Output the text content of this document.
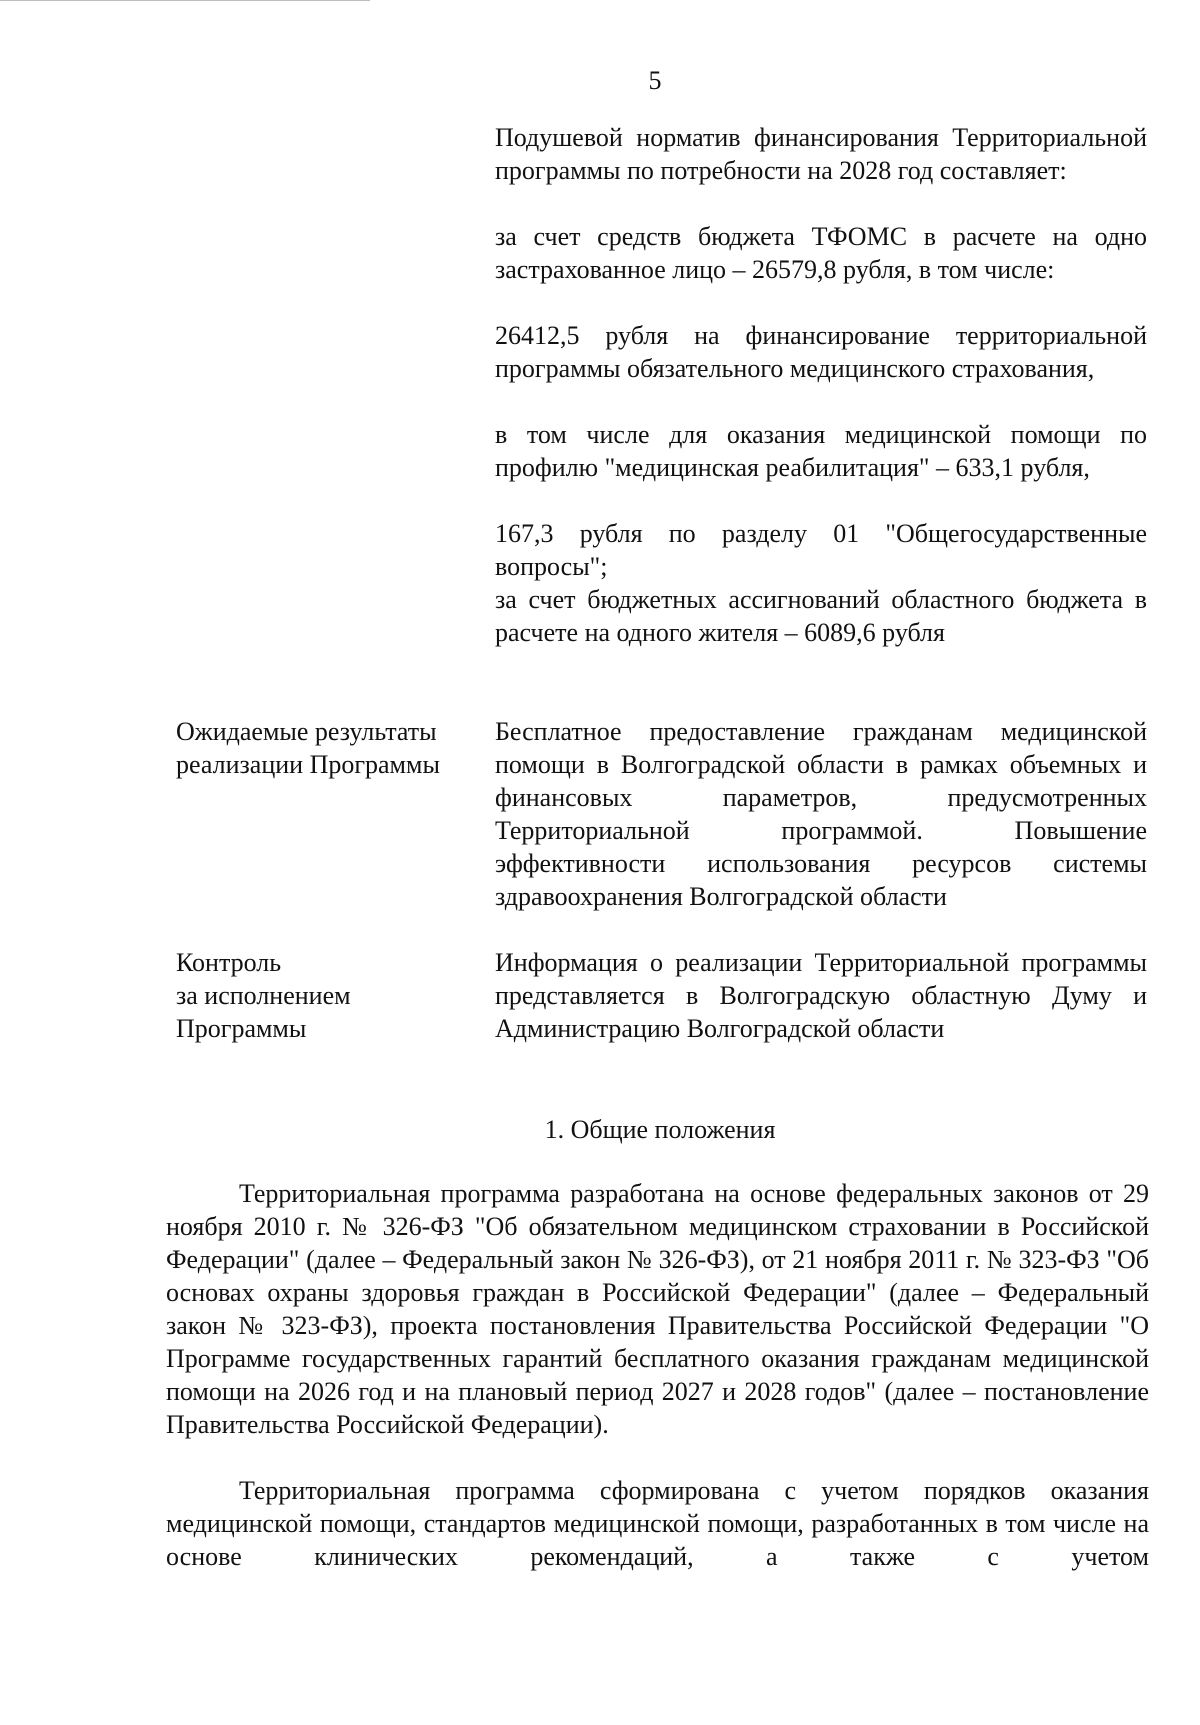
5

Подушевой норматив финансирования Территориальной программы по потребности на 2028 год составляет:

за счет средств бюджета ТФОМС в расчете на одно застрахованное лицо – 26579,8 рубля, в том числе:

26412,5 рубля на финансирование территориальной программы обязательного медицинского страхования,

в том числе для оказания медицинской помощи по профилю "медицинская реабилитация" – 633,1 рубля,

167,3 рубля по разделу 01 "Общегосударственные вопросы";

за счет бюджетных ассигнований областного бюджета в расчете на одного жителя – 6089,6 рубля

Ожидаемые результаты
реализации Программы

Бесплатное предоставление гражданам медицинской помощи в Волгоградской области в рамках объемных и финансовых параметров, предусмотренных Территориальной программой. Повышение эффективности использования ресурсов системы здравоохранения Волгоградской области

Контроль
за исполнением
Программы

Информация о реализации Территориальной программы представляется в Волгоградскую областную Думу и Администрацию Волгоградской области

1. Общие положения

Территориальная программа разработана на основе федеральных законов от 29 ноября 2010 г. № 326-ФЗ "Об обязательном медицинском страховании в Российской Федерации" (далее – Федеральный закон № 326-ФЗ), от 21 ноября 2011 г. № 323-ФЗ "Об основах охраны здоровья граждан в Российской Федерации" (далее – Федеральный закон № 323-ФЗ), проекта постановления Правительства Российской Федерации "О Программе государственных гарантий бесплатного оказания гражданам медицинской помощи на 2026 год и на плановый период 2027 и 2028 годов" (далее – постановление Правительства Российской Федерации).

Территориальная программа сформирована с учетом порядков оказания медицинской помощи, стандартов медицинской помощи, разработанных в том числе на основе клинических рекомендаций, а также с учетом
